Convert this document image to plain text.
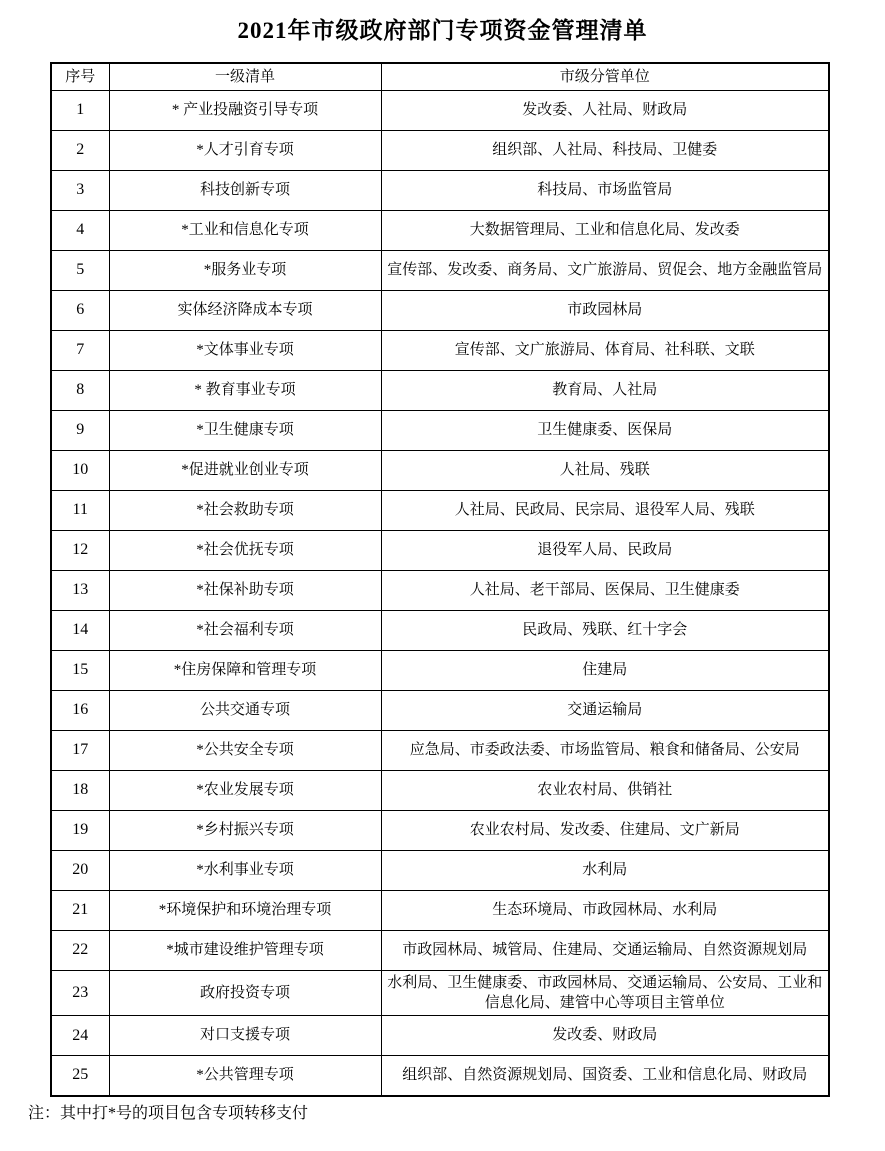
2021年市级政府部门专项资金管理清单
序号	一级清单	市级分管单位
1	* 产业投融资引导专项	发改委、人社局、财政局
2	*人才引育专项	组织部、人社局、科技局、卫健委
3	科技创新专项	科技局、市场监管局
4	*工业和信息化专项	大数据管理局、工业和信息化局、发改委
5	*服务业专项	宣传部、发改委、商务局、文广旅游局、贸促会、地方金融监管局
6	实体经济降成本专项	市政园林局
7	*文体事业专项	宣传部、文广旅游局、体育局、社科联、文联
8	* 教育事业专项	教育局、人社局
9	*卫生健康专项	卫生健康委、医保局
10	*促进就业创业专项	人社局、残联
11	*社会救助专项	人社局、民政局、民宗局、退役军人局、残联
12	*社会优抚专项	退役军人局、民政局
13	*社保补助专项	人社局、老干部局、医保局、卫生健康委
14	*社会福利专项	民政局、残联、红十字会
15	*住房保障和管理专项	住建局
16	公共交通专项	交通运输局
17	*公共安全专项	应急局、市委政法委、市场监管局、粮食和储备局、公安局
18	*农业发展专项	农业农村局、供销社
19	*乡村振兴专项	农业农村局、发改委、住建局、文广新局
20	*水利事业专项	水利局
21	*环境保护和环境治理专项	生态环境局、市政园林局、水利局
22	*城市建设维护管理专项	市政园林局、城管局、住建局、交通运输局、自然资源规划局
23	政府投资专项	水利局、卫生健康委、市政园林局、交通运输局、公安局、工业和信息化局、建管中心等项目主管单位
24	对口支援专项	发改委、财政局
25	*公共管理专项	组织部、自然资源规划局、国资委、工业和信息化局、财政局
注：其中打*号的项目包含专项转移支付
